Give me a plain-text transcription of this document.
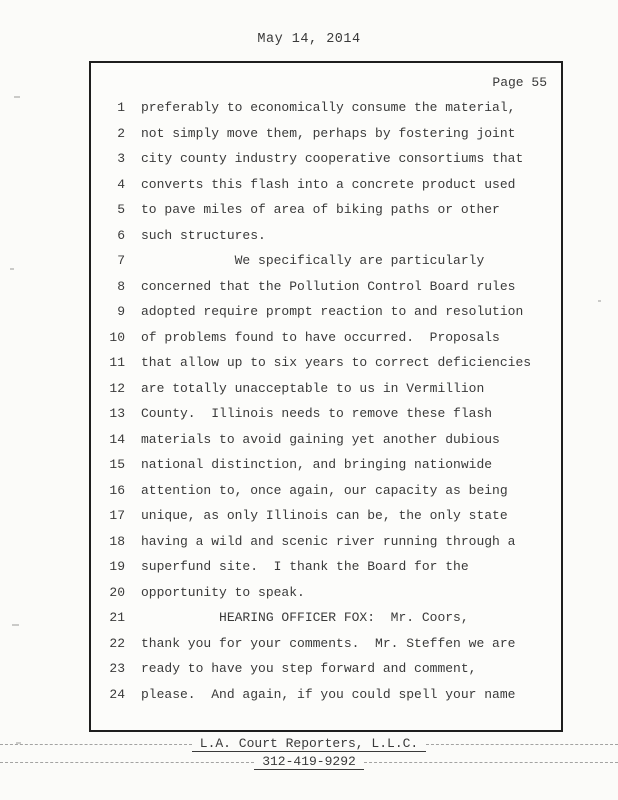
May 14, 2014
Page 55
1 preferably to economically consume the material,
2 not simply move them, perhaps by fostering joint
3 city county industry cooperative consortiums that
4 converts this flash into a concrete product used
5 to pave miles of area of biking paths or other
6 such structures.
7 We specifically are particularly
8 concerned that the Pollution Control Board rules
9 adopted require prompt reaction to and resolution
10 of problems found to have occurred.  Proposals
11 that allow up to six years to correct deficiencies
12 are totally unacceptable to us in Vermillion
13 County.  Illinois needs to remove these flash
14 materials to avoid gaining yet another dubious
15 national distinction, and bringing nationwide
16 attention to, once again, our capacity as being
17 unique, as only Illinois can be, the only state
18 having a wild and scenic river running through a
19 superfund site.  I thank the Board for the
20 opportunity to speak.
21 HEARING OFFICER FOX:  Mr. Coors,
22 thank you for your comments.  Mr. Steffen we are
23 ready to have you step forward and comment,
24 please.  And again, if you could spell your name
L.A. Court Reporters, L.L.C.
312-419-9292
